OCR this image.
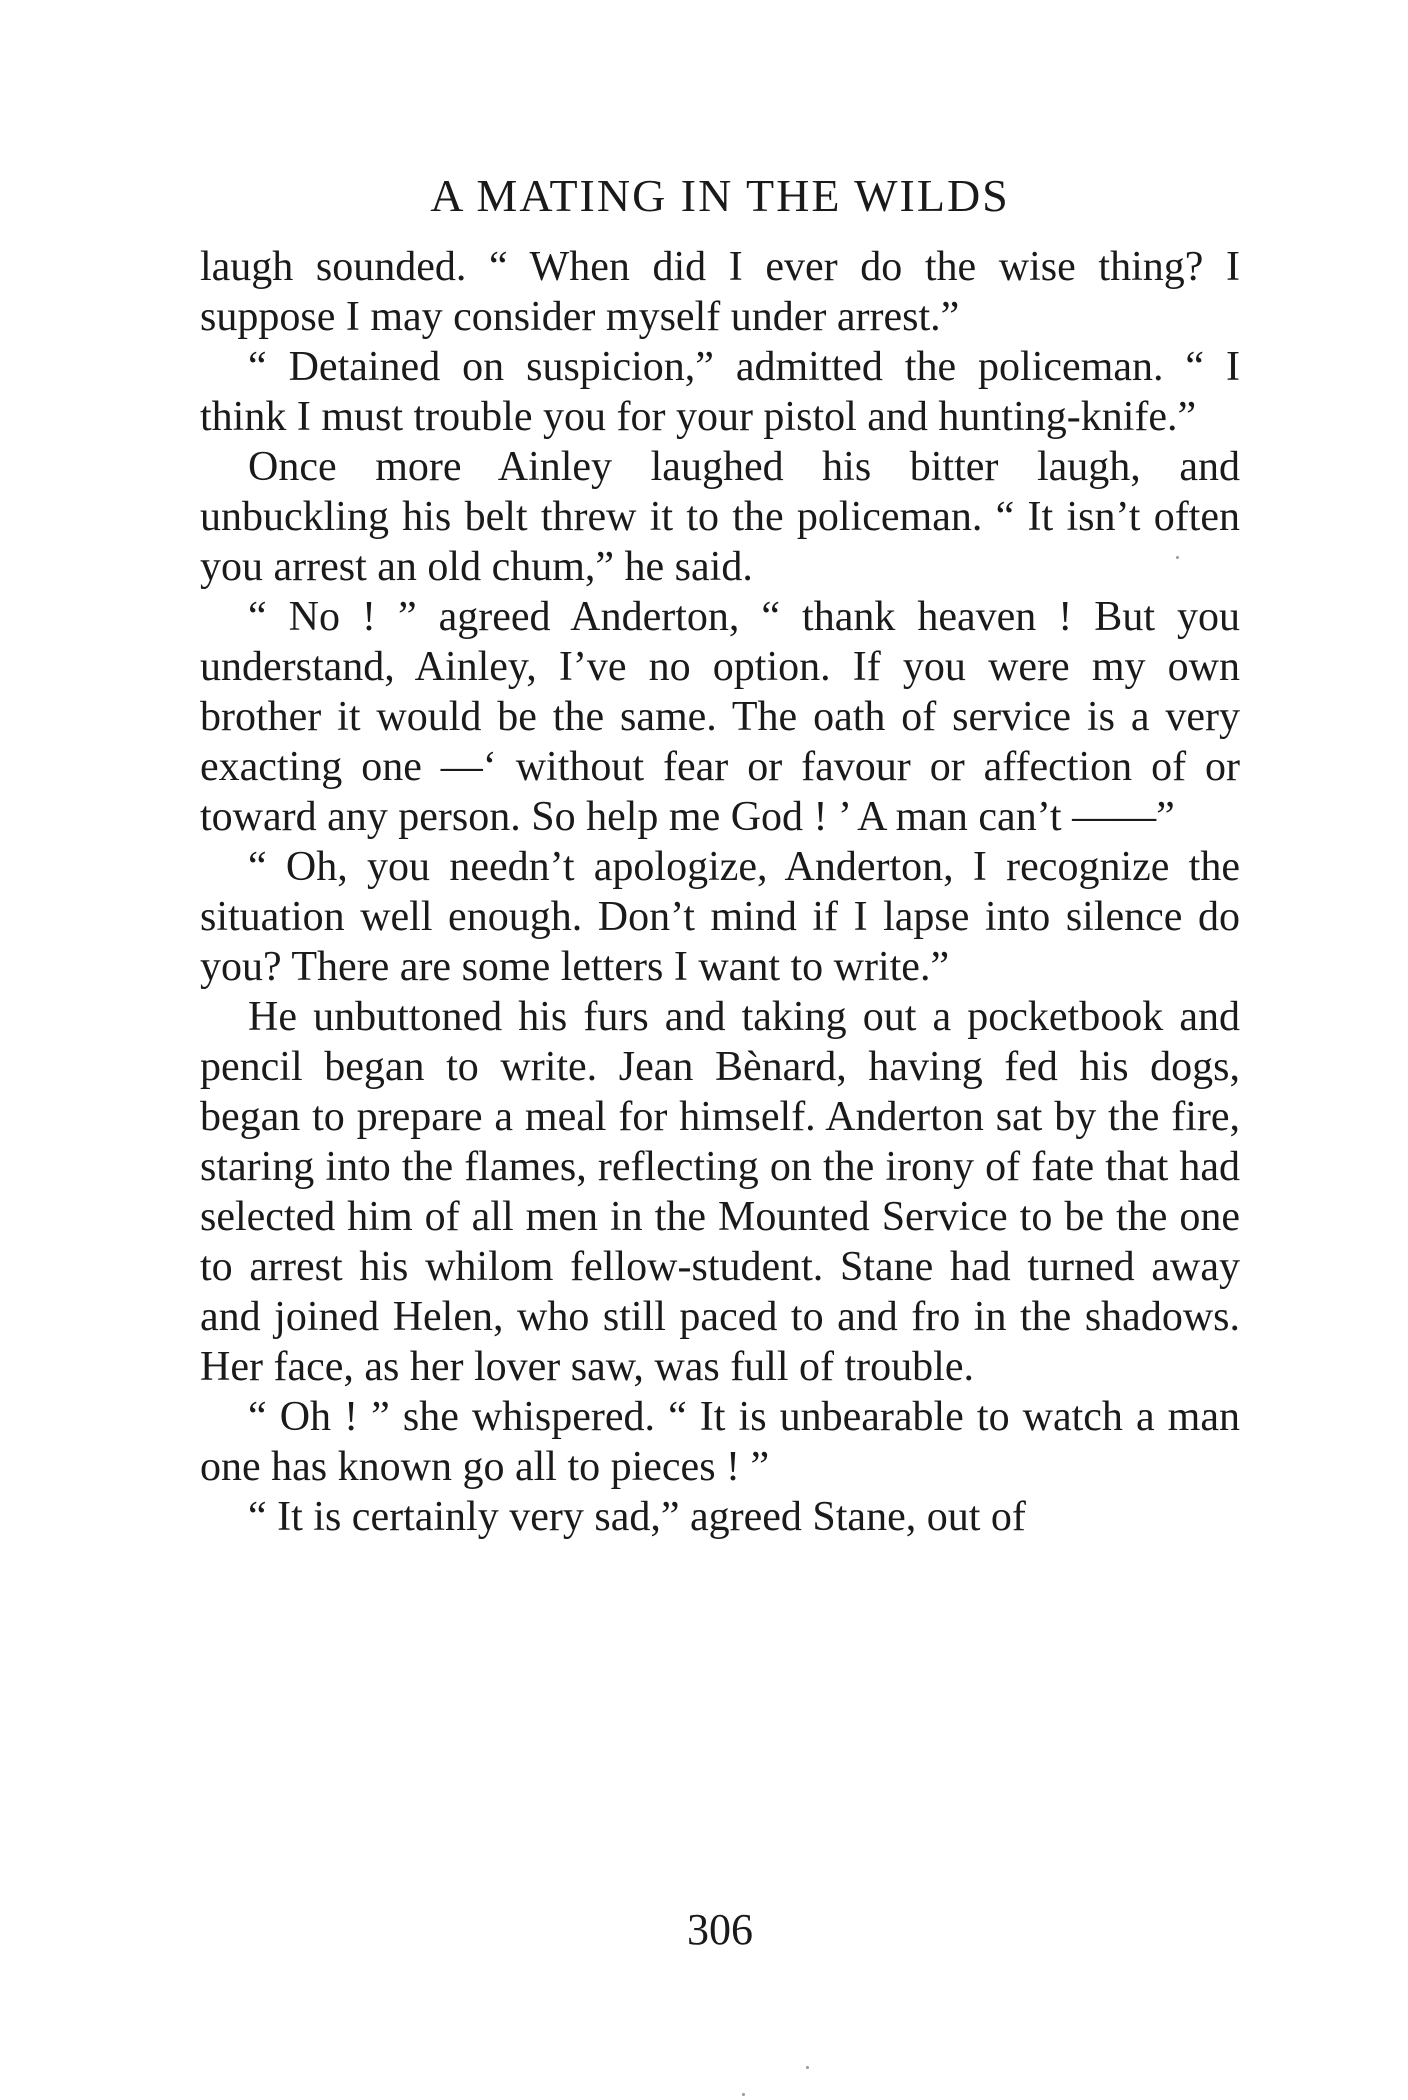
A MATING IN THE WILDS

laugh sounded. “ When did I ever do the wise thing? I suppose I may consider myself under arrest.”

“ Detained on suspicion,” admitted the policeman. “ I think I must trouble you for your pistol and hunting-knife.”

Once more Ainley laughed his bitter laugh, and unbuckling his belt threw it to the policeman. “ It isn’t often you arrest an old chum,” he said.

“ No ! ” agreed Anderton, “ thank heaven ! But you understand, Ainley, I’ve no option. If you were my own brother it would be the same. The oath of service is a very exacting one —‘ without fear or favour or affection of or toward any person. So help me God ! ’ A man can’t ——”

“ Oh, you needn’t apologize, Anderton, I recognize the situation well enough. Don’t mind if I lapse into silence do you? There are some letters I want to write.”

He unbuttoned his furs and taking out a pocketbook and pencil began to write. Jean Bènard, having fed his dogs, began to prepare a meal for himself. Anderton sat by the fire, staring into the flames, reflecting on the irony of fate that had selected him of all men in the Mounted Service to be the one to arrest his whilom fellow-student. Stane had turned away and joined Helen, who still paced to and fro in the shadows. Her face, as her lover saw, was full of trouble.

“ Oh ! ” she whispered. “ It is unbearable to watch a man one has known go all to pieces ! ”

“ It is certainly very sad,” agreed Stane, out of

306
